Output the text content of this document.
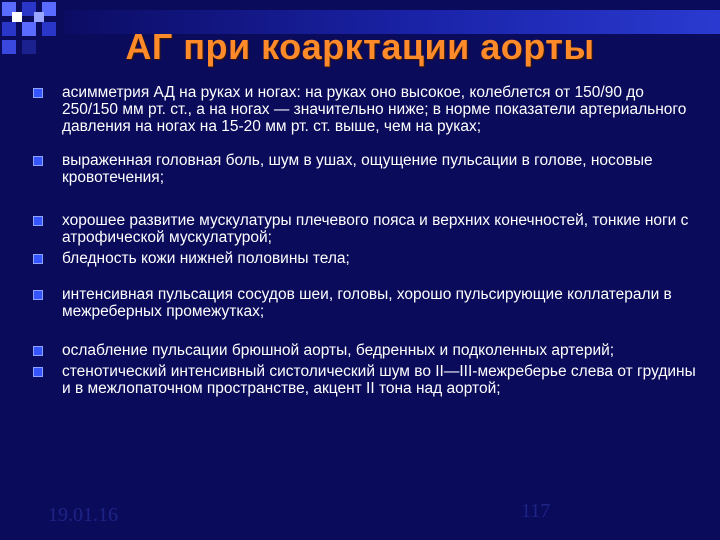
АГ при коарктации аорты
асимметрия АД на руках и ногах: на руках оно высокое, колеблется от 150/90 до 250/150 мм рт. ст., а на ногах — значительно ниже; в норме показатели артериального давления на ногах на 15-20 мм рт. ст. выше, чем на руках;
выраженная головная боль, шум в ушах, ощущение пульсации в голове, носовые кровотечения;
хорошее развитие мускулатуры плечевого пояса и верхних конечностей, тонкие ноги с атрофической мускулатурой;
бледность кожи нижней половины тела;
интенсивная пульсация сосудов шеи, головы, хорошо пульсирующие коллатерали в межреберных промежутках;
ослабление пульсации брюшной аорты, бедренных и подколенных артерий;
стенотический интенсивный систолический шум во II—III-межреберье слева от грудины и в межлопаточном пространстве, акцент II тона над аортой;
19.01.16	117
